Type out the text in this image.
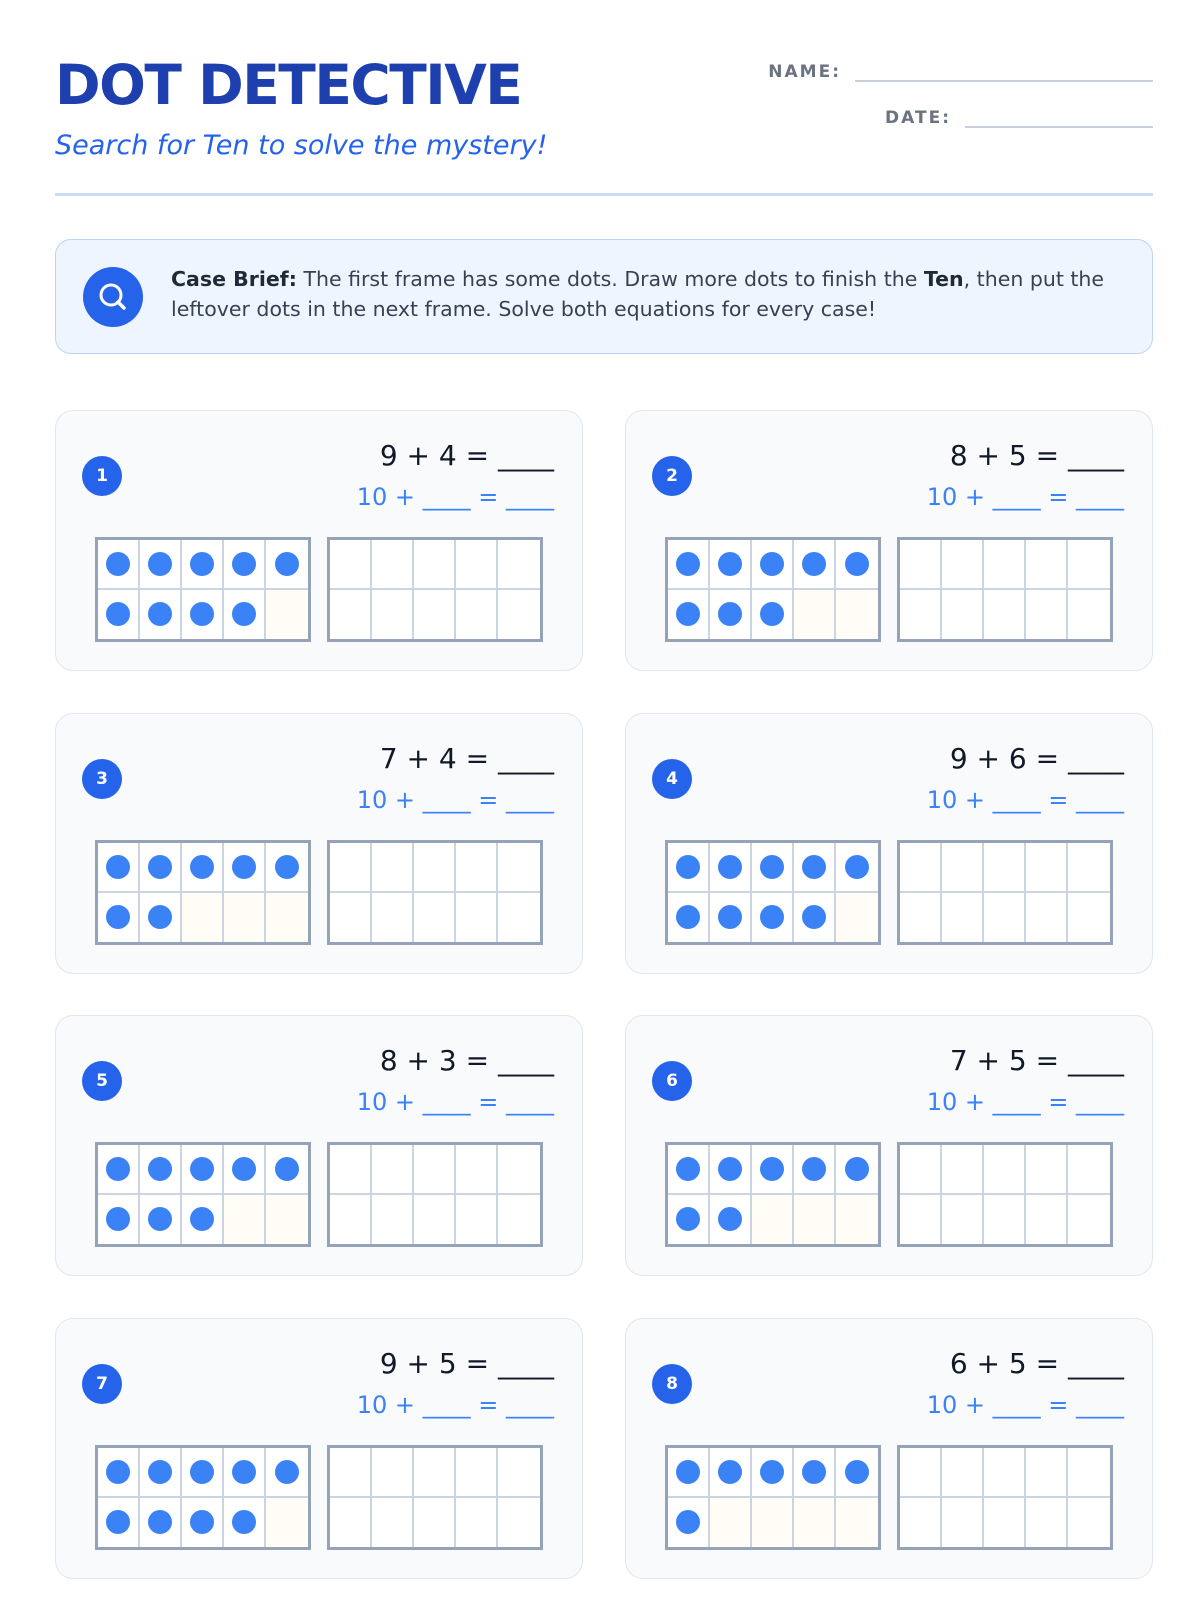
DOT DETECTIVE
Search for Ten to solve the mystery!
NAME:
DATE:
Case Brief: The first frame has some dots. Draw more dots to finish the Ten, then put the leftover dots in the next frame. Solve both equations for every case!
1
9 + 4 = ____
10 + ____ = ____
2
8 + 5 = ____
10 + ____ = ____
3
7 + 4 = ____
10 + ____ = ____
4
9 + 6 = ____
10 + ____ = ____
5
8 + 3 = ____
10 + ____ = ____
6
7 + 5 = ____
10 + ____ = ____
7
9 + 5 = ____
10 + ____ = ____
8
6 + 5 = ____
10 + ____ = ____
